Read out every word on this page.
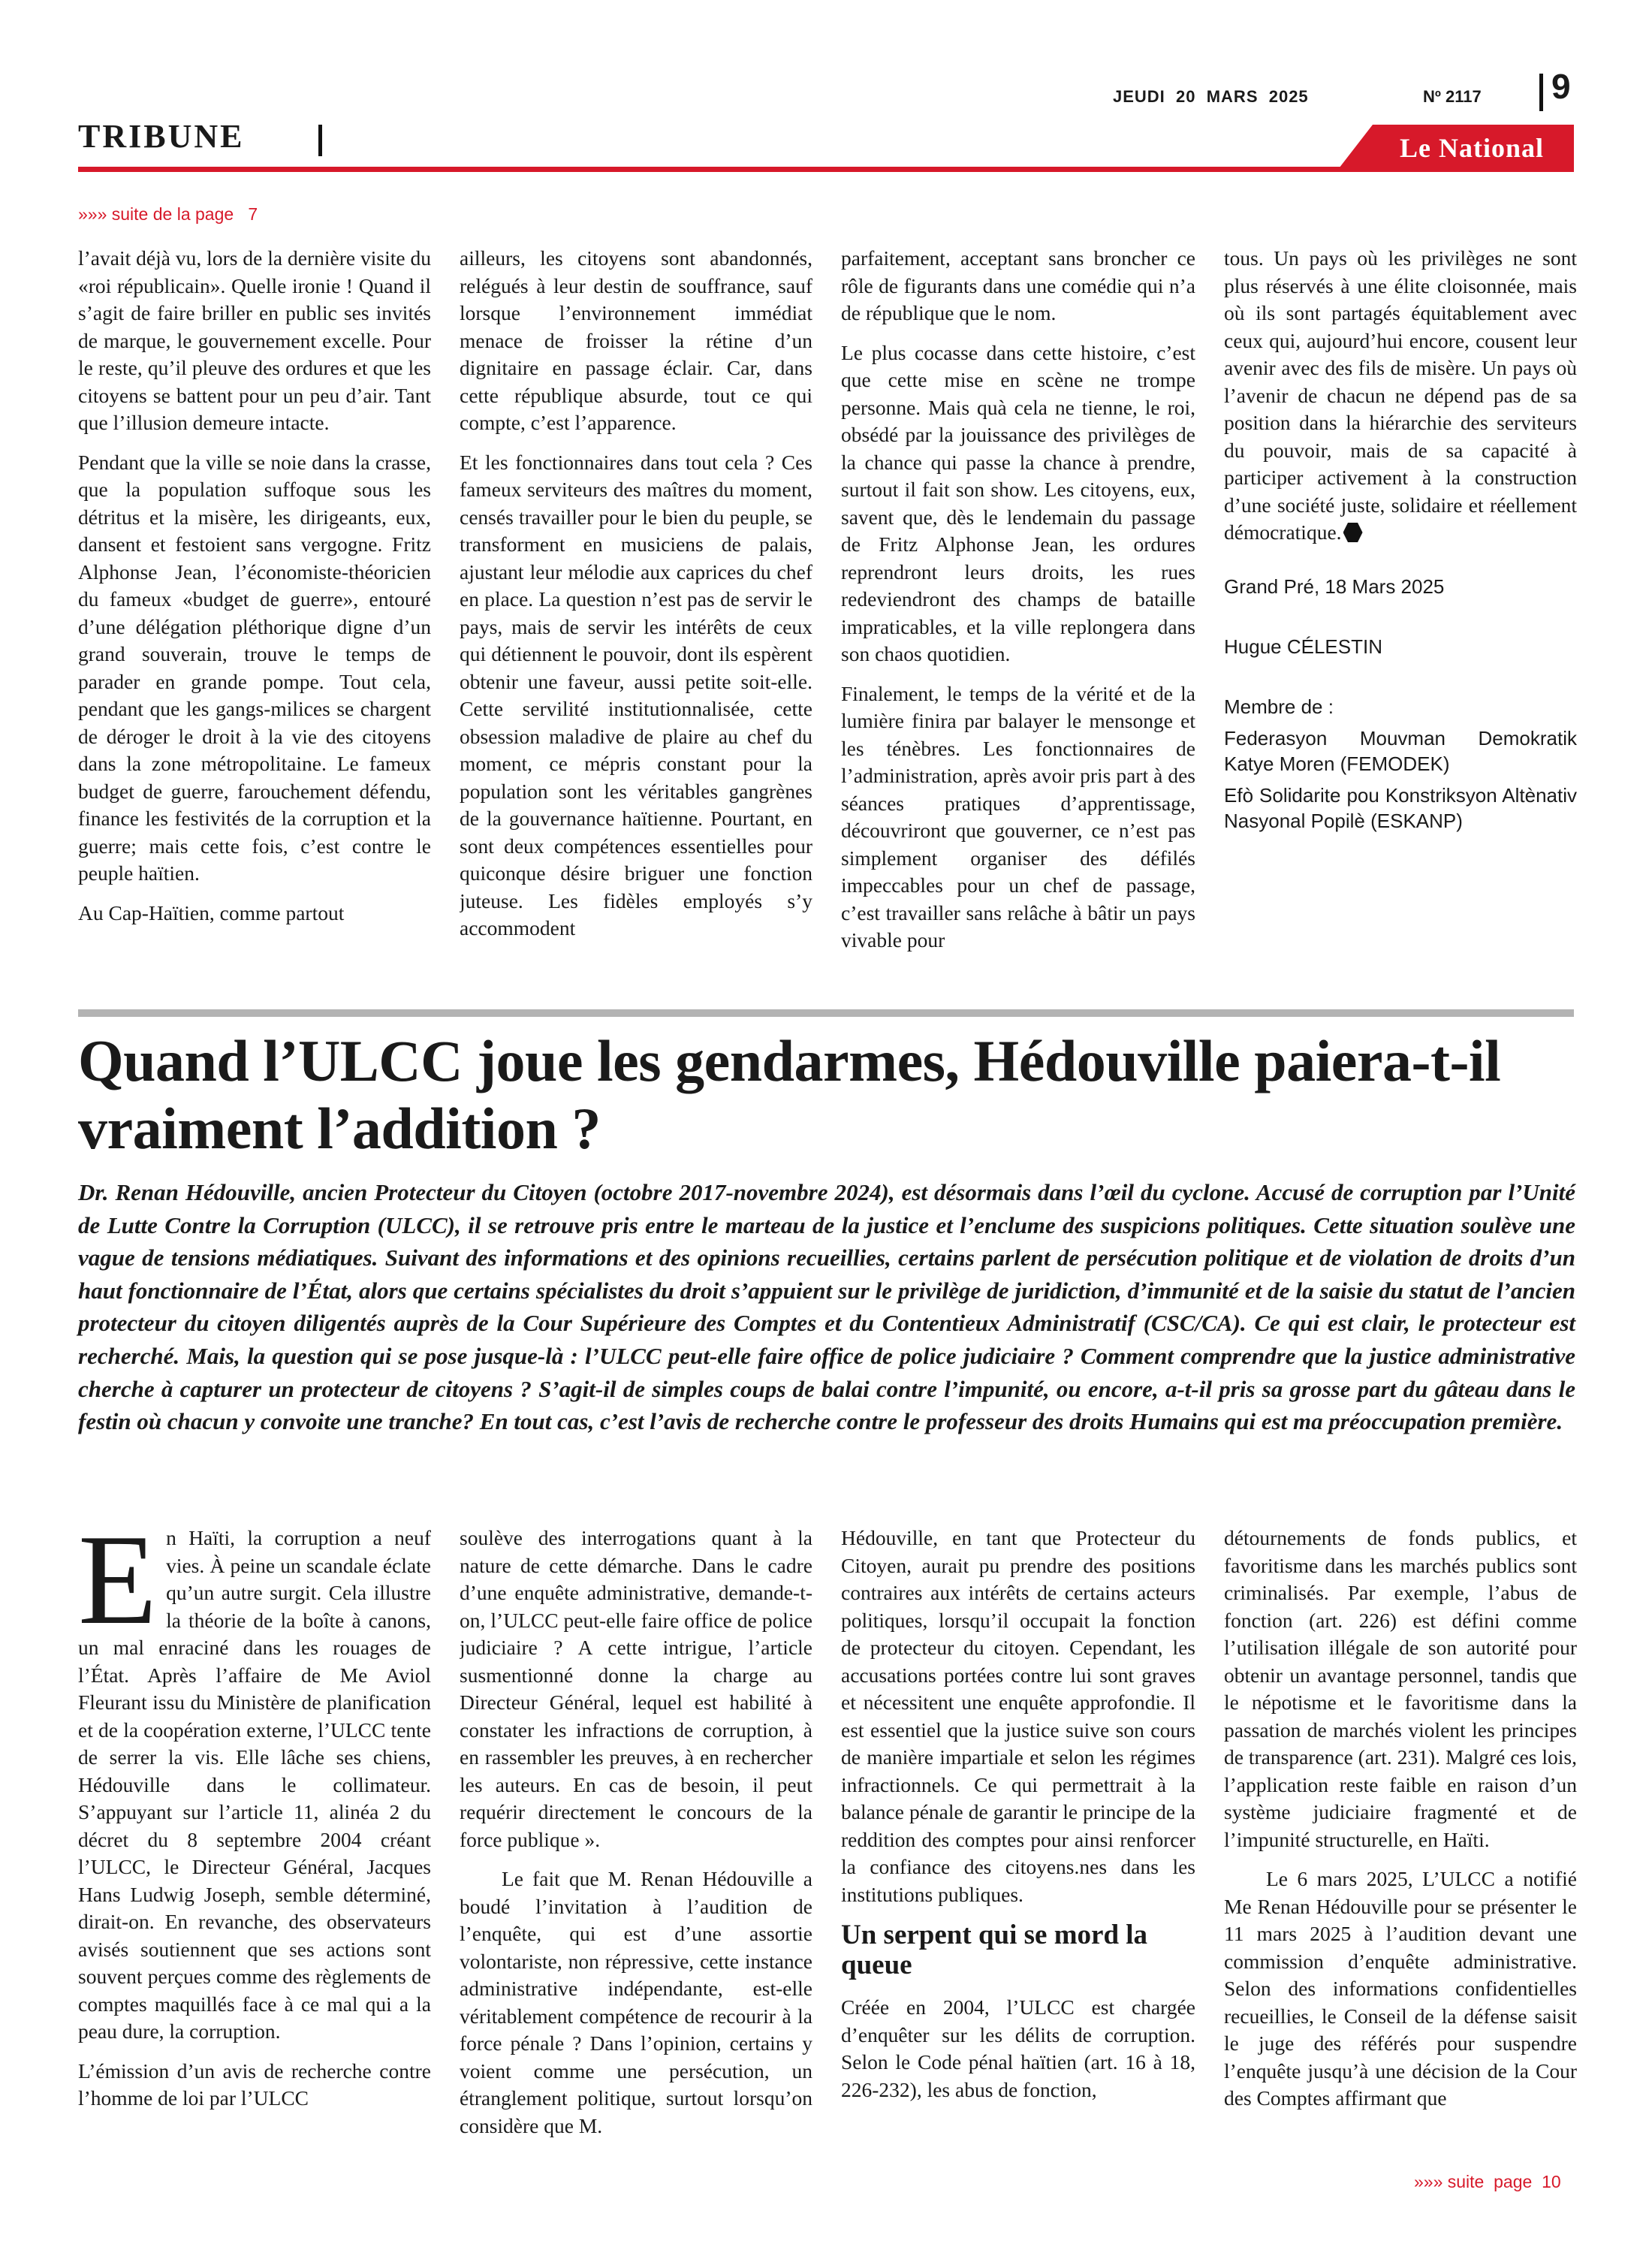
JEUDI  20  MARS  2025	Nº 2117 9
TRIBUNE	Le National
»»» suite de la page   7

l’avait déjà vu, lors de la dernière visite du «roi républicain». Quelle ironie ! Quand il s’agit de faire briller en public ses invités de marque, le gouvernement excelle. Pour le reste, qu’il pleuve des ordures et que les citoyens se battent pour un peu d’air. Tant que l’illusion demeure intacte.

Pendant que la ville se noie dans la crasse, que la population suffoque sous les détritus et la misère, les dirigeants, eux, dansent et festoient sans vergogne. Fritz Alphonse Jean, l’économiste-théoricien du fameux «budget de guerre», entouré d’une délégation pléthorique digne d’un grand souverain, trouve le temps de parader en grande pompe. Tout cela, pendant que les gangs-milices se chargent de déroger le droit à la vie des citoyens dans la zone métropolitaine. Le fameux budget de guerre, farouchement défendu, finance les festivités de la corruption et la guerre; mais cette fois, c’est contre le peuple haïtien.

Au Cap-Haïtien, comme partout

ailleurs, les citoyens sont abandonnés, relégués à leur destin de souffrance, sauf lorsque l’environnement immédiat menace de froisser la rétine d’un dignitaire en passage éclair. Car, dans cette république absurde, tout ce qui compte, c’est l’apparence.

Et les fonctionnaires dans tout cela ? Ces fameux serviteurs des maîtres du moment, censés travailler pour le bien du peuple, se transforment en musiciens de palais, ajustant leur mélodie aux caprices du chef en place. La question n’est pas de servir le pays, mais de servir les intérêts de ceux qui détiennent le pouvoir, dont ils espèrent obtenir une faveur, aussi petite soit-elle. Cette servilité institutionnalisée, cette obsession maladive de plaire au chef du moment, ce mépris constant pour la population sont les véritables gangrènes de la gouvernance haïtienne. Pourtant, en sont deux compétences essentielles pour quiconque désire briguer une fonction juteuse. Les fidèles employés s’y accommodent

parfaitement, acceptant sans broncher ce rôle de figurants dans une comédie qui n’a de république que le nom.

Le plus cocasse dans cette histoire, c’est que cette mise en scène ne trompe personne. Mais quà cela ne tienne, le roi, obsédé par la jouissance des privilèges de la chance qui passe la chance à prendre, surtout il fait son show. Les citoyens, eux, savent que, dès le lendemain du passage de Fritz Alphonse Jean, les ordures reprendront leurs droits, les rues redeviendront des champs de bataille impraticables, et la ville replongera dans son chaos quotidien.

Finalement, le temps de la vérité et de la lumière finira par balayer le mensonge et les ténèbres. Les fonctionnaires de l’administration, après avoir pris part à des séances pratiques d’apprentissage, découvriront que gouverner, ce n’est pas simplement organiser des défilés impeccables pour un chef de passage, c’est travailler sans relâche à bâtir un pays vivable pour

tous. Un pays où les privilèges ne sont plus réservés à une élite cloisonnée, mais où ils sont partagés équitablement avec ceux qui, aujourd’hui encore, cousent leur avenir avec des fils de misère. Un pays où l’avenir de chacun ne dépend pas de sa position dans la hiérarchie des serviteurs du pouvoir, mais de sa capacité à participer activement à la construction d’une société juste, solidaire et réellement démocratique.

Grand Pré, 18 Mars 2025

Hugue CÉLESTIN

Membre de :

Federasyon Mouvman Demokratik Katye Moren (FEMODEK)

Efò Solidarite pou Konstriksyon Altènativ Nasyonal Popilè (ESKANP)

Quand l’ULCC joue les gendarmes, Hédouville paiera-t-il vraiment l’addition ?
Dr. Renan Hédouville, ancien Protecteur du Citoyen (octobre 2017-novembre 2024), est désormais dans l’œil du cyclone. Accusé de corruption par l’Unité de Lutte Contre la Corruption (ULCC), il se retrouve pris entre le marteau de la justice et l’enclume des suspicions politiques. Cette situation soulève une vague de tensions médiatiques. Suivant des informations et des opinions recueillies, certains parlent de persécution politique et de violation de droits d’un haut fonctionnaire de l’État, alors que certains spécialistes du droit s’appuient sur le privilège de juridiction, d’immunité et de la saisie du statut de l’ancien protecteur du citoyen diligentés auprès de la Cour Supérieure des Comptes et du Contentieux Administratif (CSC/CA). Ce qui est clair, le protecteur est recherché. Mais, la question qui se pose jusque-là : l’ULCC peut-elle faire office de police judiciaire ? Comment comprendre que la justice administrative cherche à capturer un protecteur de citoyens ? S’agit-il de simples coups de balai contre l’impunité, ou encore, a-t-il pris sa grosse part du gâteau dans le festin où chacun y convoite une tranche? En tout cas, c’est l’avis de recherche contre le professeur des droits Humains qui est ma préoccupation première.

En Haïti, la corruption a neuf vies. À peine un scandale éclate qu’un autre surgit. Cela illustre la théorie de la boîte à canons, un mal enraciné dans les rouages de l’État. Après l’affaire de Me Aviol Fleurant issu du Ministère de planification et de la coopération externe, l’ULCC tente de serrer la vis. Elle lâche ses chiens, Hédouville dans le collimateur. S’appuyant sur l’article 11, alinéa 2 du décret du 8 septembre 2004 créant l’ULCC, le Directeur Général, Jacques Hans Ludwig Joseph, semble déterminé, dirait-on. En revanche, des observateurs avisés soutiennent que ses actions sont souvent perçues comme des règlements de comptes maquillés face à ce mal qui a la peau dure, la corruption.

L’émission d’un avis de recherche contre l’homme de loi par l’ULCC

soulève des interrogations quant à la nature de cette démarche. Dans le cadre d’une enquête administrative, demande-t-on, l’ULCC peut-elle faire office de police judiciaire ? A cette intrigue, l’article susmentionné donne la charge au Directeur Général, lequel est habilité à constater les infractions de corruption, à en rassembler les preuves, à en rechercher les auteurs. En cas de besoin, il peut requérir directement le concours de la force publique ».

Le fait que M. Renan Hédouville a boudé l’invitation à l’audition de l’enquête, qui est d’une assortie volontariste, non répressive, cette instance administrative indépendante, est-elle véritablement compétence de recourir à la force pénale ? Dans l’opinion, certains y voient comme une persécution, un étranglement politique, surtout lorsqu’on considère que M.

Hédouville, en tant que Protecteur du Citoyen, aurait pu prendre des positions contraires aux intérêts de certains acteurs politiques, lorsqu’il occupait la fonction de protecteur du citoyen. Cependant, les accusations portées contre lui sont graves et nécessitent une enquête approfondie. Il est essentiel que la justice suive son cours de manière impartiale et selon les régimes infractionnels. Ce qui permettrait à la balance pénale de garantir le principe de la reddition des comptes pour ainsi renforcer la confiance des citoyens.nes dans les institutions publiques.

Un serpent qui se mord la queue

Créée en 2004, l’ULCC est chargée d’enquêter sur les délits de corruption. Selon le Code pénal haïtien (art. 16 à 18, 226-232), les abus de fonction,

détournements de fonds publics, et favoritisme dans les marchés publics sont criminalisés. Par exemple, l’abus de fonction (art. 226) est défini comme l’utilisation illégale de son autorité pour obtenir un avantage personnel, tandis que le népotisme et le favoritisme dans la passation de marchés violent les principes de transparence (art. 231). Malgré ces lois, l’application reste faible en raison d’un système judiciaire fragmenté et de l’impunité structurelle, en Haïti.

Le 6 mars 2025, L’ULCC a notifié Me Renan Hédouville pour se présenter le 11 mars 2025 à l’audition devant une commission d’enquête administrative. Selon des informations confidentielles recueillies, le Conseil de la défense saisit le juge des référés pour suspendre l’enquête jusqu’à une décision de la Cour des Comptes affirmant que

»»» suite  page  10
